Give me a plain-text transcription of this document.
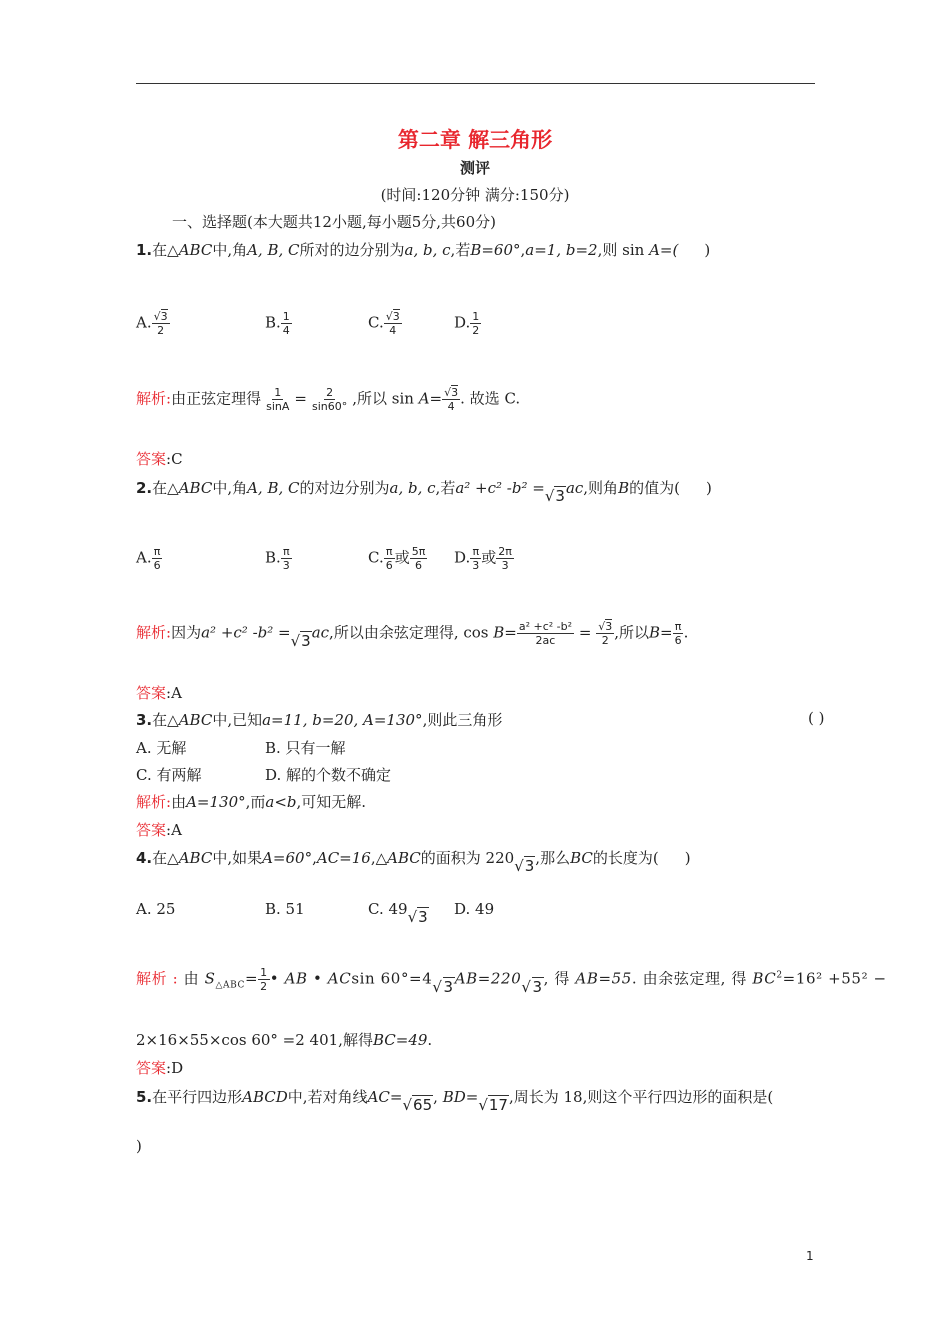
第二章 解三角形
测评
(时间:120分钟 满分:150分)
一、选择题(本大题共12小题,每小题5分,共60分)
1.在△ABC中,角A, B, C所对的边分别为a, b, c,若B=60°,a=1, b=2,则 sin A=( )
A. $\frac{√3}{2}$	B. $\frac{1}{4}$	C. $\frac{√3}{4}$	D. $\frac{1}{2}$
解析:由正弦定理得 $\frac{1}{\sin A} = \frac{2}{\sin 60^\circ}$ ,所以 $\sin A= \frac{√3}{4}$ . 故选 C.
答案:C
2.在△ABC中,角A, B, C的对边分别为a, b, c,若a² +c² -b² =√3ac,则角B的值为( )
A. $\frac{\pi}{6}$	B. $\frac{\pi}{3}$	C. $\frac{\pi}{6}$ 或 $\frac{5\pi}{6} D$. $\frac{\pi}{3}$ 或 $\frac{2\pi}{3}$
解析:因为a² +c² -b² =√3ac,所以由余弦定理得, $\cos B= \frac{\text{a² +c² -b²}}{2ac} = \frac{√3}{2}$ ,所以$B= \frac{\pi}{6}$ .
答案:A
3.在△ABC中,已知a=11, b=20, A=130°,则此三角形	( )
A. 无解	B. 只有一解
C. 有两解	D. 解的个数不确定
解析:由A=130°,而a<b,可知无解.
答案:A
4.在△ABC中,如果A=60°,AC=16,△ABC的面积为 220√3,那么BC的长度为( )
A. 25	B. 51	C. 49√3 D. 49
解析 : 由 $S_{\triangle ABC}= \frac{1}{2}$ • AB • ACsin 60°=4√3AB=220√3, 得 AB=55. 由余弦定理, 得 $BC^2=16^2 +55^2$ −
2×16×55×cos 60° =2 401,解得BC=49.
答案:D
5.在平行四边形ABCD中,若对角线AC=√65, BD=√17,周长为 18,则这个平行四边形的面积是(
)
1
